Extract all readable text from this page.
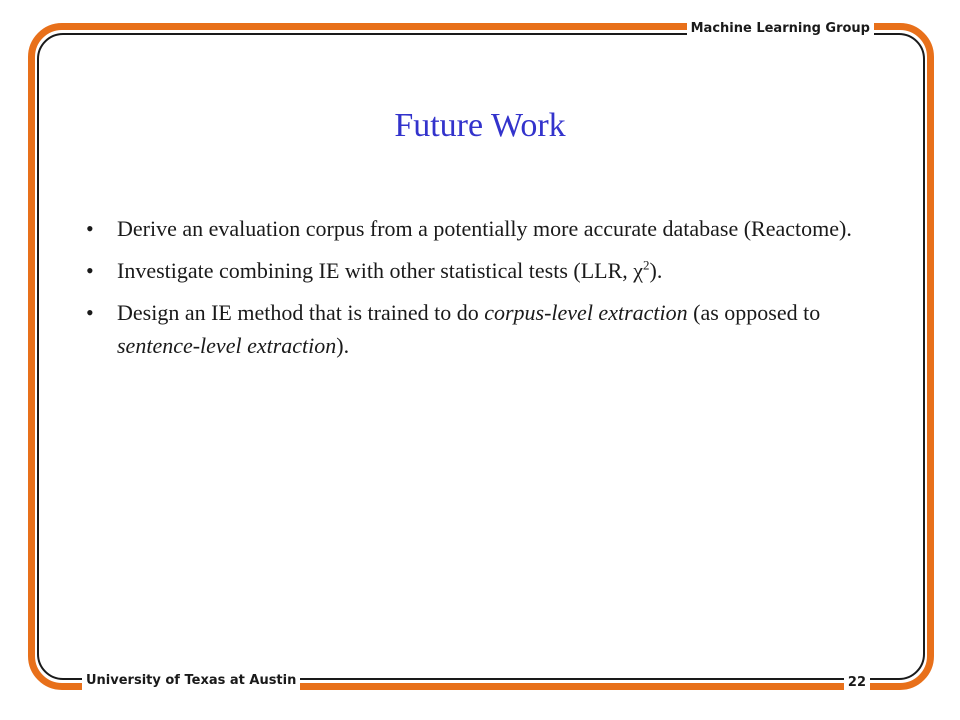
Machine Learning Group
Future Work
• Derive an evaluation corpus from a potentially more accurate database (Reactome).
• Investigate combining IE with other statistical tests (LLR, $\chi^2$).
• Design an IE method that is trained to do corpus-level extraction (as opposed to sentence-level extraction).
University of Texas at Austin	22
